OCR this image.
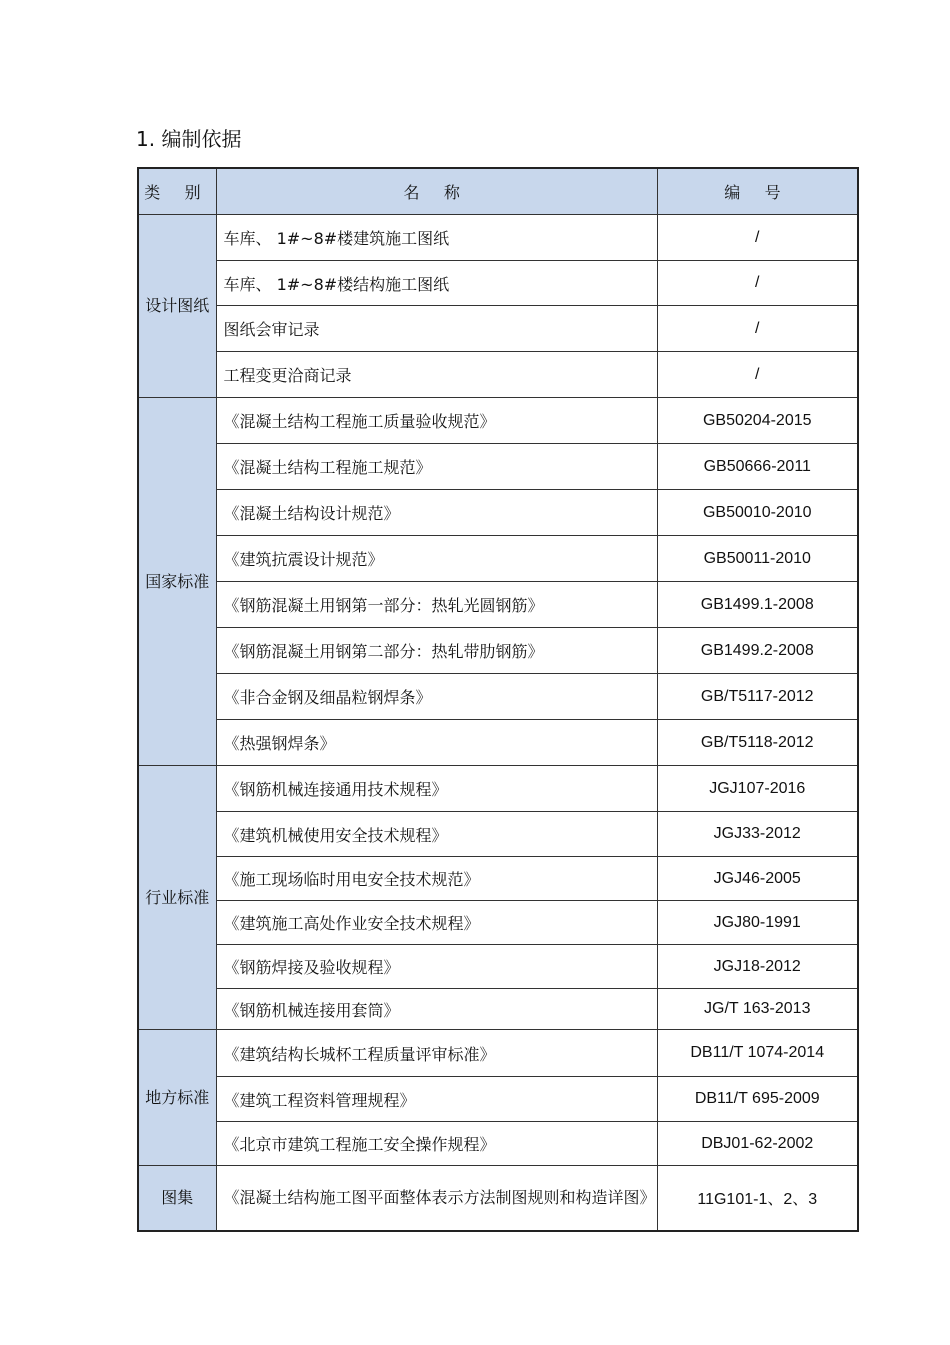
1. 编制依据
类 别	名 称	编 号
设计图纸	车库、 1#~8#楼建筑施工图纸	/
	车库、 1#~8#楼结构施工图纸	/
	图纸会审记录	/
	工程变更洽商记录	/
国家标准	《混凝土结构工程施工质量验收规范》	GB50204-2015
	《混凝土结构工程施工规范》	GB50666-2011
	《混凝土结构设计规范》	GB50010-2010
	《建筑抗震设计规范》	GB50011-2010
	《钢筋混凝土用钢第一部分：热轧光圆钢筋》	GB1499.1-2008
	《钢筋混凝土用钢第二部分：热轧带肋钢筋》	GB1499.2-2008
	《非合金钢及细晶粒钢焊条》	GB/T5117-2012
	《热强钢焊条》	GB/T5118-2012
行业标准	《钢筋机械连接通用技术规程》	JGJ107-2016
	《建筑机械使用安全技术规程》	JGJ33-2012
	《施工现场临时用电安全技术规范》	JGJ46-2005
	《建筑施工高处作业安全技术规程》	JGJ80-1991
	《钢筋焊接及验收规程》	JGJ18-2012
	《钢筋机械连接用套筒》	JG/T 163-2013
地方标准	《建筑结构长城杯工程质量评审标准》	DB11/T 1074-2014
	《建筑工程资料管理规程》	DB11/T 695-2009
	《北京市建筑工程施工安全操作规程》	DBJ01-62-2002
图集	《混凝土结构施工图平面整体表示方法制图规则和构造详图》	11G101-1、2、3
